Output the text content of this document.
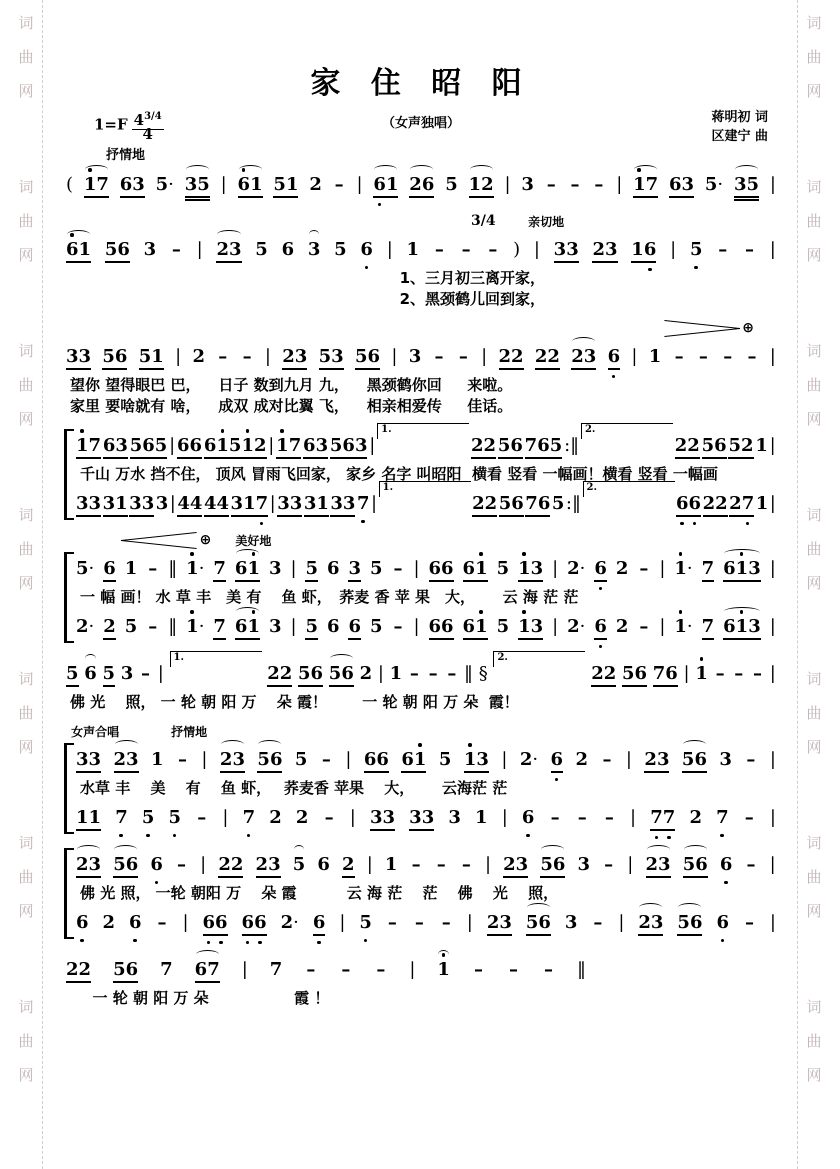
词
曲
网
词
曲
网
词
曲
网
词
曲
网
词
曲
网
词
曲
网
词
曲
网
词
曲
网
词
曲
网
词
曲
网
词
曲
网
词
曲
网
词
曲
网
词
曲
网
家 住 昭 阳
1=F $4^{3/4}$
4
抒情地
（女声独唱）	蒋明初 词
区建宁 曲
( 1
7 63 5· 35 | 6
1 51 2 – | 6
1 26 5 12 | 3 – – – | 1
7 63 5· 35 |
3/4	亲切地
6
1 56 3 – | 23 5 6 3 5 6 | 1 – – – ) | 33 23 16 | 5 – – |
1、三月初三离开家，
2、黑颈鹤儿回到家，
⊕
33 56 51 | 2 – – | 23 53 56 | 3 – – | 22 22 23 6 | 1 – – – – |
望你 望得眼巴 巴，　  日子 数到九月 九，　  黑颈鹤你回　  来啦。
家里 要啥就有 啥，　  成双 成对比翼 飞，　  相亲相爱传　  佳话。
1
7 63 565 | 66 61
51
2 | 1
7 63 563 |
1.
22 56 765 :‖
2.
22 56 52 1 |
千山 万水 挡不住， 顶风 冒雨飞回家， 家乡 名字 叫昭阳  横看 竖看 一幅画！横看 竖看 一幅画
33 31 33 3 | 44 44 317 | 33 31 33 7 |
1.
22 56 76 5 :‖
2.
6
6 22 27 1 |
⊕ 美好地
5· 6 1 – ‖ 1
· 7 61 3 | 5 6 3 5 – | 66 61 5 1
3 | 2· 6 2 – | 1
· 7 61
3 |
一 幅 画！ 水 草 丰　美 有　 鱼 虾，　荞麦 香 苹 果　大，　　 云 海 茫 茫
2· 2 5 – ‖ 1
· 7 61 3 | 5 6 6 5 – | 66 61 5 1
3 | 2· 6 2 – | 1
· 7 61
3 |
5 6 5 3 – |
1.
22 56 56 2 | 1 – – – ‖ §
2.
22 56 76 | 1 – – – |
佛 光　 照， 一 轮 朝 阳 万　 朵 霞！　　 一 轮 朝 阳 万 朵  霞！
女声合唱	抒情地
33 23 1 – | 23 56 5 – | 66 61 5 1
3 | 2· 6 2 – | 23 56 3 – |
水草 丰　 美　 有　 鱼 虾，　 荞麦香 苹果　 大，　　 云海茫 茫
11 7 5 5 – | 7 2 2 – | 33 33 3 1 | 6 – – – | 7
7 2 7 – |
23 56 6 – | 22 23 5 6 2 | 1 – – – | 23 56 3 – | 23 56 6 – |
佛 光 照， 一轮 朝阳 万　 朵 霞　　　 云 海 茫　 茫　 佛　 光　 照，
6 2 6 – | 6
6 6
6 2· 6 | 5 – – – | 23 56 3 – | 23 56 6 – |
22 56 7 67 | 7 – – – | 1 – – – ‖
一 轮 朝 阳 万 朵　　　　　  霞 ！
